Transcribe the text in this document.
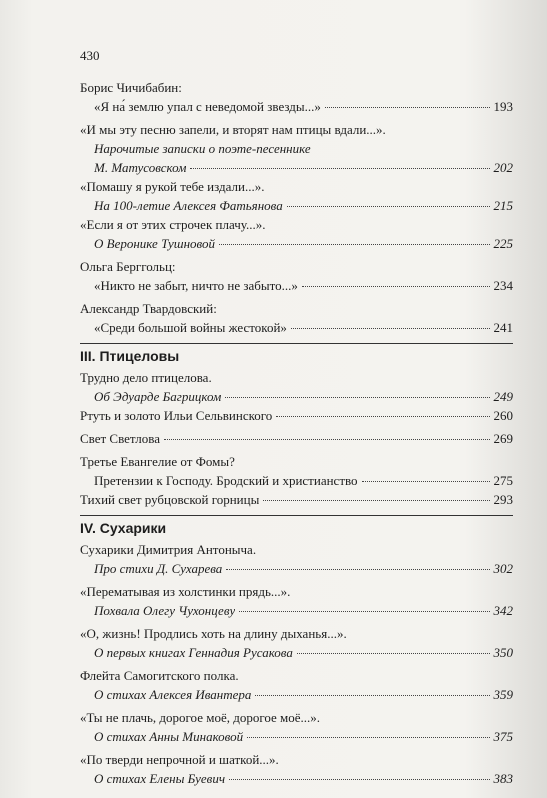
430
Борис Чичибабин:
«Я на́ землю упал с неведомой звезды...»	193
«И мы эту песню запели, и вторят нам птицы вдали...».
Нарочитые записки о поэте-песеннике
М. Матусовском	202
«Помашу я рукой тебе издали...».
На 100-летие Алексея Фатьянова	215
«Если я от этих строчек плачу...».
О Веронике Тушновой	225
Ольга Берггольц:
«Никто не забыт, ничто не забыто...»	234
Александр Твардовский:
«Среди большой войны жестокой»	241
III. Птицеловы
Трудно дело птицелова.
Об Эдуарде Багрицком	249
Ртуть и золото Ильи Сельвинского	260
Свет Светлова	269
Третье Евангелие от Фомы?
Претензии к Господу. Бродский и христианство	275
Тихий свет рубцовской горницы	293
IV. Сухарики
Сухарики Димитрия Антоныча.
Про стихи Д. Сухарева	302
«Перематывая из холстинки прядь...».
Похвала Олегу Чухонцеву	342
«О, жизнь! Продлись хоть на длину дыханья...».
О первых книгах Геннадия Русакова	350
Флейта Самогитского полка.
О стихах Алексея Ивантера	359
«Ты не плачь, дорогое моё, дорогое моё...».
О стихах Анны Минаковой	375
«По тверди непрочной и шаткой...».
О стихах Елены Буевич	383
